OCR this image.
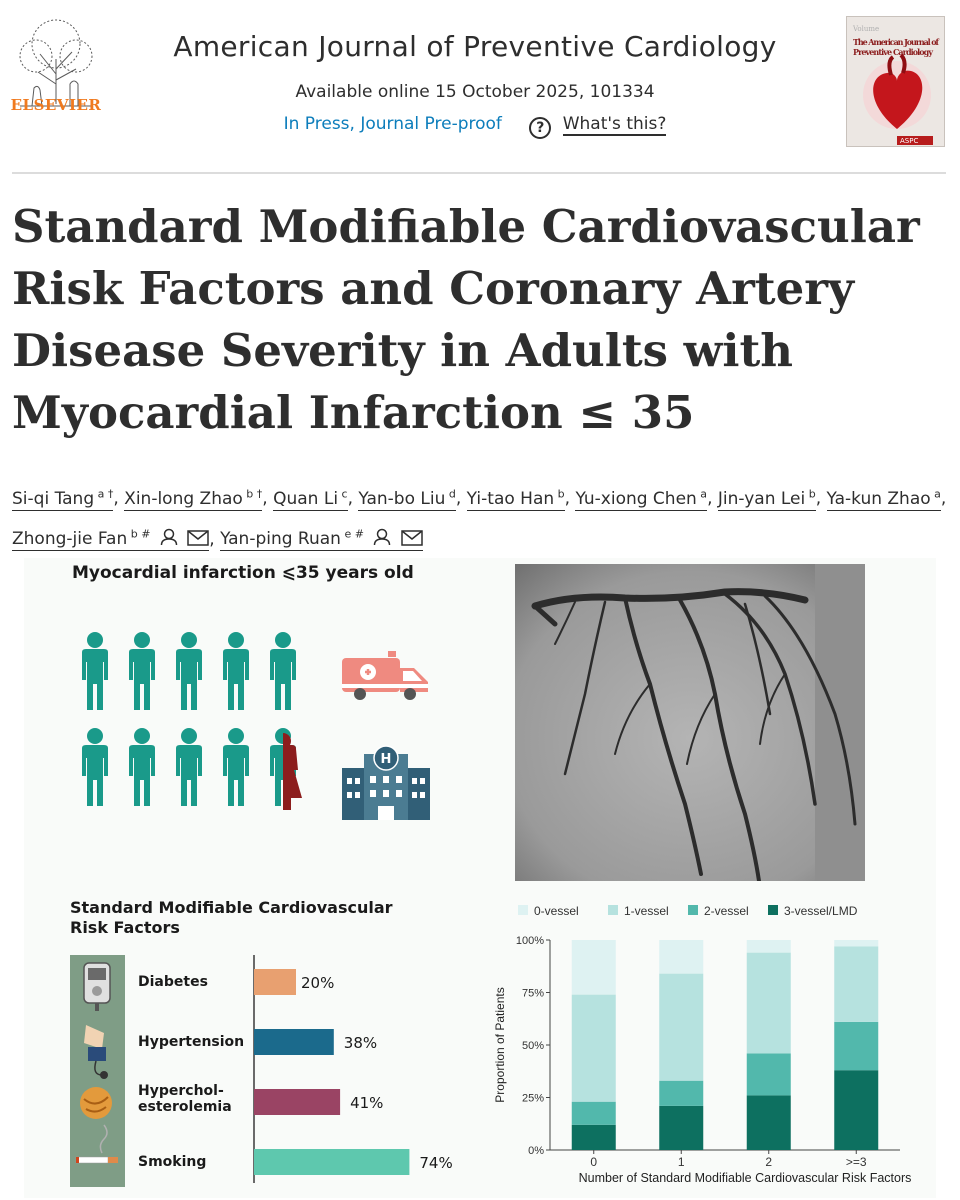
ELSEVIER
American Journal of Preventive Cardiology
Available online 15 October 2025, 101334
In Press, Journal Pre-proof ? What's this?
Volume
The American Journal of
Preventive Cardiology
ASPC
Standard Modifiable Cardiovascular Risk Factors and Coronary Artery Disease Severity in Adults with Myocardial Infarction ≤ 35
Si-qi Tang $^{a \dagger}$, Xin-long Zhao $^{b \dagger}$, Quan Li $^c$, Yan-bo Liu $^d$, Yi-tao Han $^b$, Yu-xiong Chen $^a$, Jin-yan Lei $^b$, Ya-kun Zhao $^a$, Zhong-jie Fan $^{b \#}$	, Yan-ping Ruan $^{e \#}$
Myocardial infarction ⩽35 years old
H
Standard Modifiable Cardiovascular Risk Factors
20%
38%
41%
74%
Diabetes
Hypertension
Hyperchol-
esterolemia
Smoking
0-vessel	1-vessel	2-vessel	3-vessel/LMD
0%
25%
50%
75%
100%
0	1	2	>=3
Number of Standard Modifiable Cardiovascular Risk Factors
Proportion of Patients
